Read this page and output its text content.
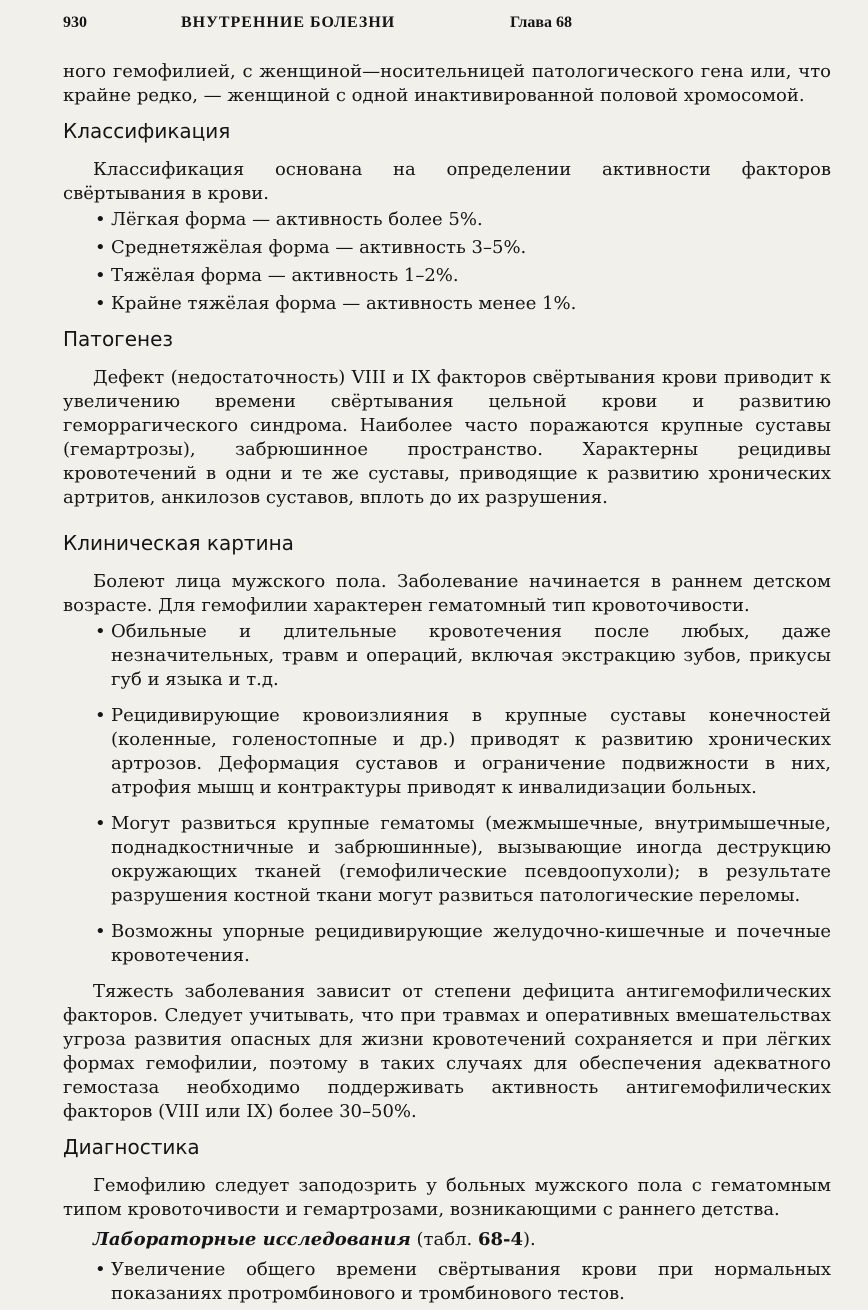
930	ВНУТРЕННИЕ БОЛЕЗНИ	Глава 68

ного гемофилией, с женщиной—носительницей патологического гена или, что крайне редко, — женщиной с одной инактивированной половой хромосомой.

Классификация

Классификация основана на определении активности факторов свёртывания в крови.

• Лёгкая форма — активность более 5%.
• Среднетяжёлая форма — активность 3–5%.
• Тяжёлая форма — активность 1–2%.
• Крайне тяжёлая форма — активность менее 1%.
Патогенез

Дефект (недостаточность) VIII и IX факторов свёртывания крови приводит к увеличению времени свёртывания цельной крови и развитию геморрагического синдрома. Наиболее часто поражаются крупные суставы (гемартрозы), забрюшинное пространство. Характерны рецидивы кровотечений в одни и те же суставы, приводящие к развитию хронических артритов, анкилозов суставов, вплоть до их разрушения.

Клиническая картина

Болеют лица мужского пола. Заболевание начинается в раннем детском возрасте. Для гемофилии характерен гематомный тип кровоточивости.

• Обильные и длительные кровотечения после любых, даже незначительных, травм и операций, включая экстракцию зубов, прикусы губ и языка и т.д.
• Рецидивирующие кровоизлияния в крупные суставы конечностей (коленные, голеностопные и др.) приводят к развитию хронических артрозов. Деформация суставов и ограничение подвижности в них, атрофия мышц и контрактуры приводят к инвалидизации больных.
• Могут развиться крупные гематомы (межмышечные, внутримышечные, поднадкостничные и забрюшинные), вызывающие иногда деструкцию окружающих тканей (гемофилические псевдоопухоли); в результате разрушения костной ткани могут развиться патологические переломы.
• Возможны упорные рецидивирующие желудочно-кишечные и почечные кровотечения.

Тяжесть заболевания зависит от степени дефицита антигемофилических факторов. Следует учитывать, что при травмах и оперативных вмешательствах угроза развития опасных для жизни кровотечений сохраняется и при лёгких формах гемофилии, поэтому в таких случаях для обеспечения адекватного гемостаза необходимо поддерживать активность антигемофилических факторов (VIII или IX) более 30–50%.

Диагностика

Гемофилию следует заподозрить у больных мужского пола с гематомным типом кровоточивости и гемартрозами, возникающими с раннего детства.

Лабораторные исследования (табл. 68-4).

• Увеличение общего времени свёртывания крови при нормальных показаниях протромбинового и тромбинового тестов.
